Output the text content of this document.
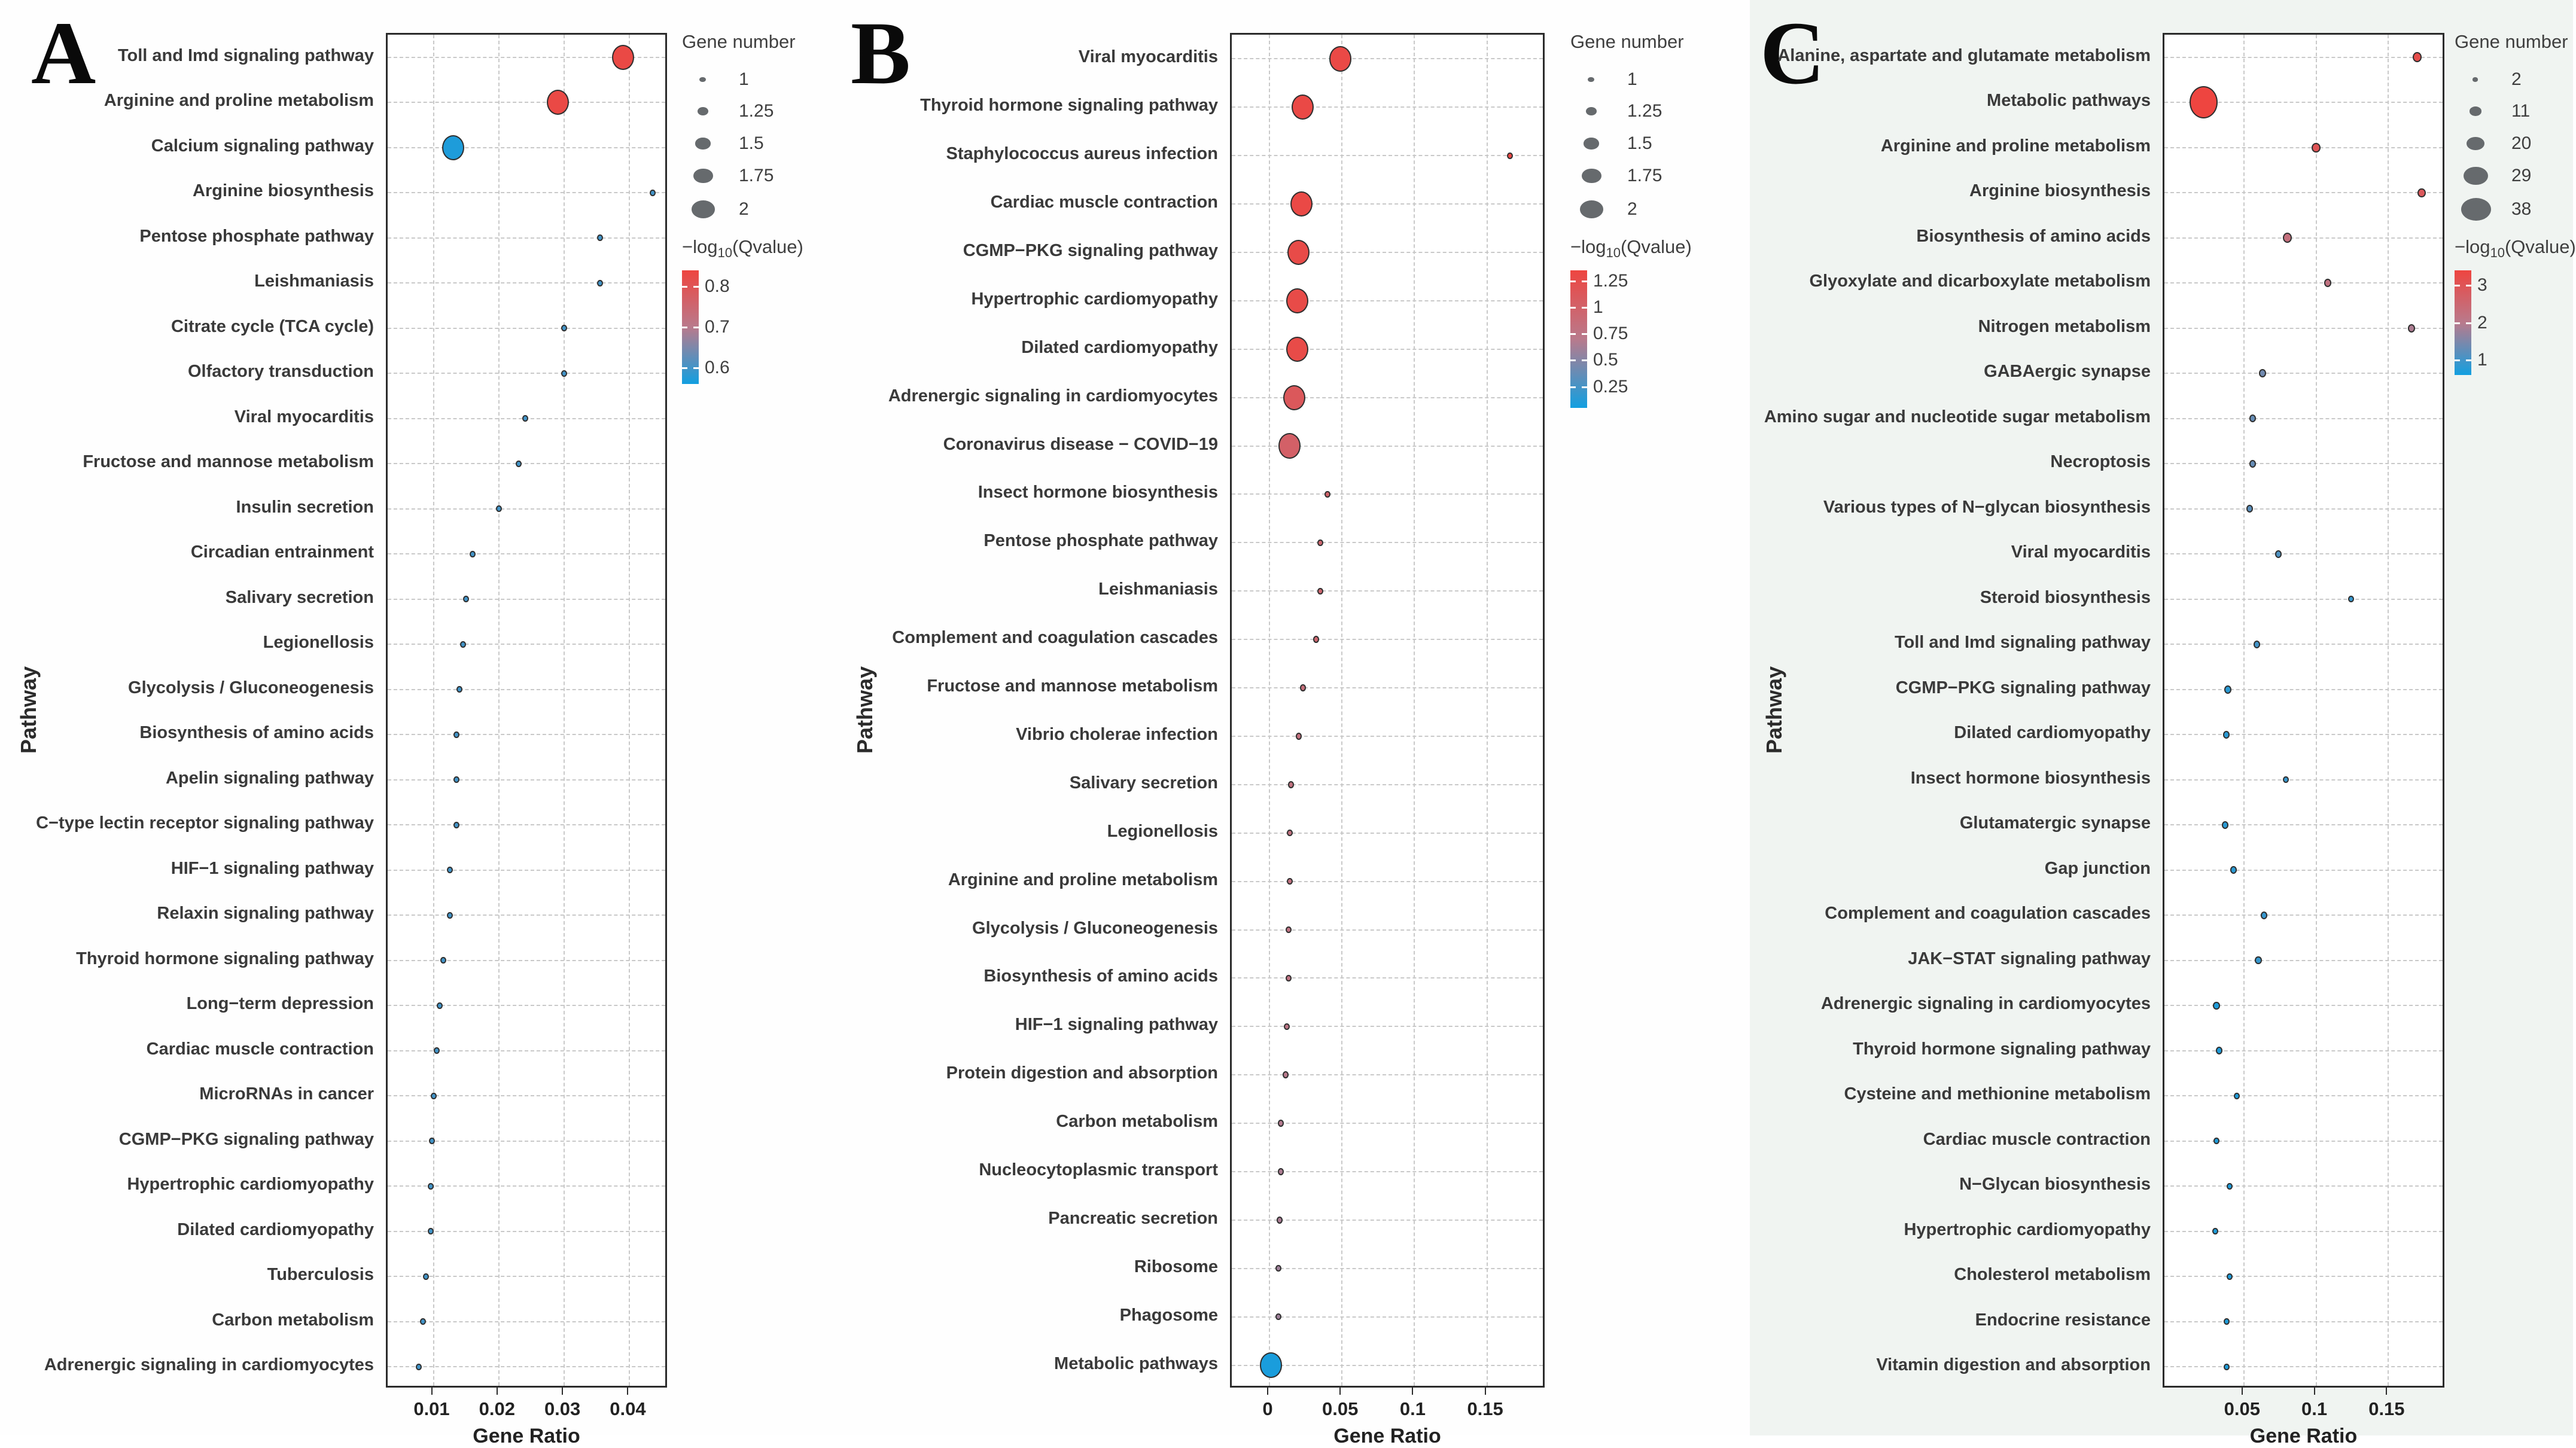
A
Pathway
Gene Ratio
Gene number
$-\log_{10}(Qvalue)$
B
Pathway
Gene Ratio
Gene number
$-\log_{10}(Qvalue)$
C
Pathway
Gene Ratio
Gene number
$-\log_{10}(Qvalue)$
0.01	0.02	0.03	0.04
Toll and Imd signaling pathway
Arginine and proline metabolism
Calcium signaling pathway
Arginine biosynthesis
Pentose phosphate pathway
Leishmaniasis
Citrate cycle (TCA cycle)
Olfactory transduction
Viral myocarditis
Fructose and mannose metabolism
Insulin secretion
Circadian entrainment
Salivary secretion
Legionellosis
Glycolysis / Gluconeogenesis
Biosynthesis of amino acids
Apelin signaling pathway
C−type lectin receptor signaling pathway
HIF−1 signaling pathway
Relaxin signaling pathway
Thyroid hormone signaling pathway
Long−term depression
Cardiac muscle contraction
MicroRNAs in cancer
CGMP−PKG signaling pathway
Hypertrophic cardiomyopathy
Dilated cardiomyopathy
Tuberculosis
Carbon metabolism
Adrenergic signaling in cardiomyocytes
1
1.25
1.5
1.75
2
0.8
0.7
0.6
0	0.05	0.1	0.15
Viral myocarditis
Thyroid hormone signaling pathway
Staphylococcus aureus infection
Cardiac muscle contraction
CGMP−PKG signaling pathway
Hypertrophic cardiomyopathy
Dilated cardiomyopathy
Adrenergic signaling in cardiomyocytes
Coronavirus disease − COVID−19
Insect hormone biosynthesis
Pentose phosphate pathway
Leishmaniasis
Complement and coagulation cascades
Fructose and mannose metabolism
Vibrio cholerae infection
Salivary secretion
Legionellosis
Arginine and proline metabolism
Glycolysis / Gluconeogenesis
Biosynthesis of amino acids
HIF−1 signaling pathway
Protein digestion and absorption
Carbon metabolism
Nucleocytoplasmic transport
Pancreatic secretion
Ribosome
Phagosome
Metabolic pathways
1
1.25
1.5
1.75
2
1.25
1
0.75
0.5
0.25
0.05	0.1	0.15
Alanine, aspartate and glutamate metabolism
Metabolic pathways
Arginine and proline metabolism
Arginine biosynthesis
Biosynthesis of amino acids
Glyoxylate and dicarboxylate metabolism
Nitrogen metabolism
GABAergic synapse
Amino sugar and nucleotide sugar metabolism
Necroptosis
Various types of N−glycan biosynthesis
Viral myocarditis
Steroid biosynthesis
Toll and Imd signaling pathway
CGMP−PKG signaling pathway
Dilated cardiomyopathy
Insect hormone biosynthesis
Glutamatergic synapse
Gap junction
Complement and coagulation cascades
JAK−STAT signaling pathway
Adrenergic signaling in cardiomyocytes
Thyroid hormone signaling pathway
Cysteine and methionine metabolism
Cardiac muscle contraction
N−Glycan biosynthesis
Hypertrophic cardiomyopathy
Cholesterol metabolism
Endocrine resistance
Vitamin digestion and absorption
2
11
20
29
38
3
2
1
